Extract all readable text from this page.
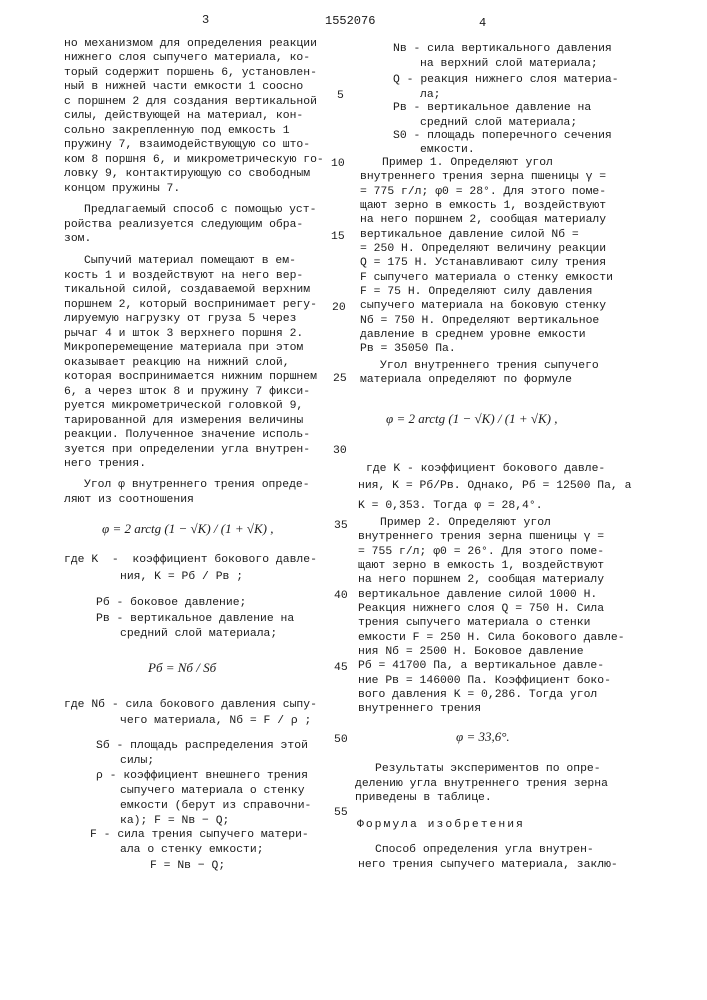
3	1552076	4
5
10
15
20
25
30
35
40
45
50
55
но механизмом для определения реакции
нижнего слоя сыпучего материала, ко-
торый содержит поршень 6, установлен-
ный в нижней части емкости 1 соосно
с поршнем 2 для создания вертикальной
силы, действующей на материал, кон-
сольно закрепленную под емкость 1
пружину 7, взаимодействующую со што-
ком 8 поршня 6, и микрометрическую го-
ловку 9, контактирующую со свободным
концом пружины 7.
Предлагаемый способ с помощью уст-
ройства реализуется следующим обра-
зом.
Сыпучий материал помещают в ем-
кость 1 и воздействуют на него вер-
тикальной силой, создаваемой верхним
поршнем 2, который воспринимает регу-
лируемую нагрузку от груза 5 через
рычаг 4 и шток 3 верхнего поршня 2.
Микроперемещение материала при этом
оказывает реакцию на нижний слой,
которая воспринимается нижним поршнем
6, а через шток 8 и пружину 7 фикси-
руется микрометрической головкой 9,
тарированной для измерения величины
реакции. Полученное значение исполь-
зуется при определении угла внутрен-
него трения.
Угол φ внутреннего трения опреде-
ляют из соотношения
φ = 2 arctg (1 − √K) / (1 + √K) ,
где K  -  коэффициент бокового давле-
ния, K = Pб / Pв ;
Pб - боковое давление;
Pв - вертикальное давление на
средний слой материала;
Pб = Nб / Sб
где Nб - сила бокового давления сыпу-
чего материала, Nб = F / ρ ;
Sб - площадь распределения этой
силы;
ρ - коэффициент внешнего трения
сыпучего материала о стенку
емкости (берут из справочни-
ка); F = Nв − Q;
F - сила трения сыпучего матери-
ала о стенку емкости;
F = Nв − Q;
Nв - сила вертикального давления
на верхний слой материала;
Q - реакция нижнего слоя материа-
ла;
Pв - вертикальное давление на
средний слой материала;
S0 - площадь поперечного сечения
емкости.
Пример 1. Определяют угол
внутреннего трения зерна пшеницы γ =
= 775 г/л; φ0 = 28°. Для этого поме-
щают зерно в емкость 1, воздействуют
на него поршнем 2, сообщая материалу
вертикальное давление силой Nб =
= 250 Н. Определяют величину реакции
Q = 175 Н. Устанавливают силу трения
F сыпучего материала о стенку емкости
F = 75 Н. Определяют силу давления
сыпучего материала на боковую стенку
Nб = 750 Н. Определяют вертикальное
давление в среднем уровне емкости
Pв = 35050 Па.
Угол внутреннего трения сыпучего
материала определяют по формуле
φ = 2 arctg (1 − √K) / (1 + √K) ,
где K - коэффициент бокового давле-
ния, K = Pб/Pв. Однако, Pб = 12500 Па, а
K = 0,353. Тогда φ = 28,4°.
Пример 2. Определяют угол
внутреннего трения зерна пшеницы γ =
= 755 г/л; φ0 = 26°. Для этого поме-
щают зерно в емкость 1, воздействуют
на него поршнем 2, сообщая материалу
вертикальное давление силой 1000 Н.
Реакция нижнего слоя Q = 750 Н. Сила
трения сыпучего материала о стенки
емкости F = 250 Н. Сила бокового давле-
ния Nб = 2500 Н. Боковое давление
Pб = 41700 Па, а вертикальное давле-
ние Pв = 146000 Па. Коэффициент боко-
вого давления K = 0,286. Тогда угол
внутреннего трения
φ = 33,6°.
Результаты экспериментов по опре-
делению угла внутреннего трения зерна
приведены в таблице.
Формула изобретения
Способ определения угла внутрен-
него трения сыпучего материала, заклю-
